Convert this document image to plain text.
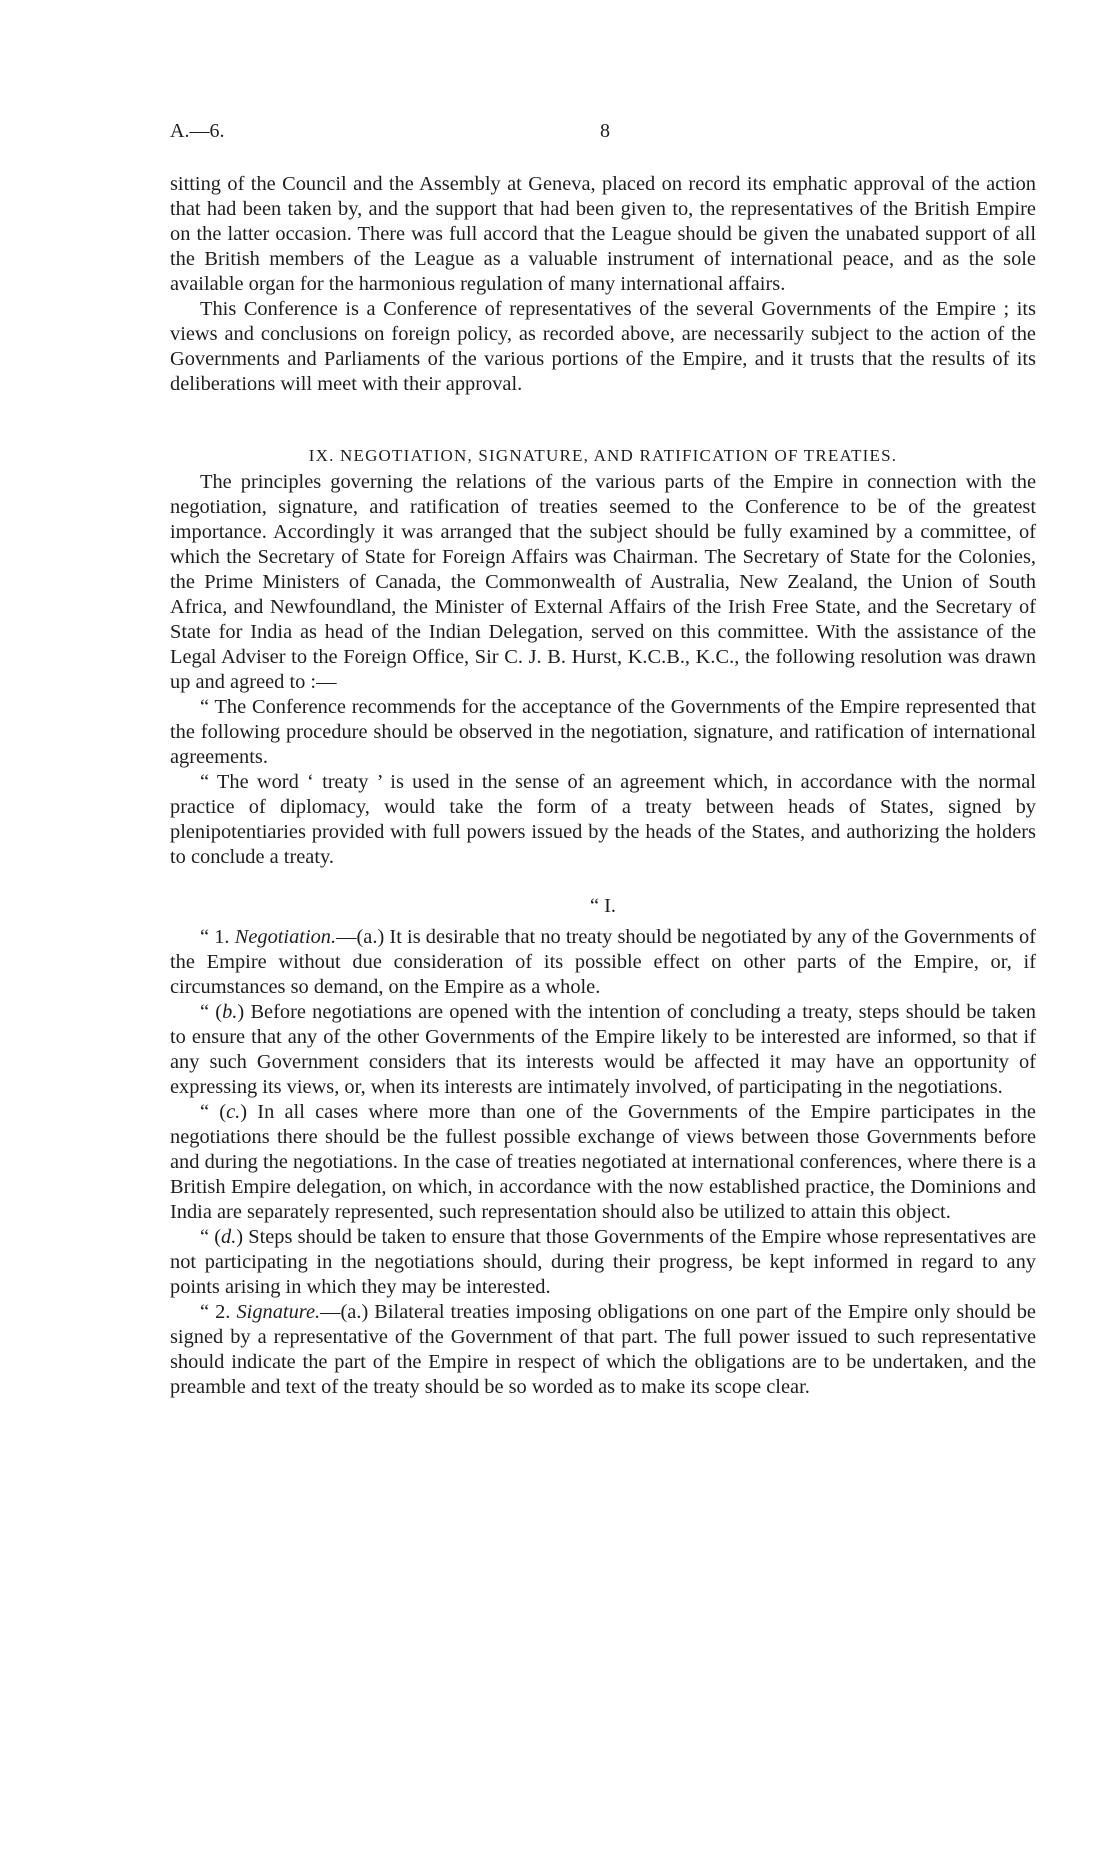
A.—6.	8

sitting of the Council and the Assembly at Geneva, placed on record its emphatic approval of the action that had been taken by, and the support that had been given to, the representatives of the British Empire on the latter occasion. There was full accord that the League should be given the unabated support of all the British members of the League as a valuable instrument of international peace, and as the sole available organ for the harmonious regulation of many international affairs.

This Conference is a Conference of representatives of the several Governments of the Empire ; its views and conclusions on foreign policy, as recorded above, are necessarily subject to the action of the Governments and Parliaments of the various portions of the Empire, and it trusts that the results of its deliberations will meet with their approval.

IX. NEGOTIATION, SIGNATURE, AND RATIFICATION OF TREATIES.

The principles governing the relations of the various parts of the Empire in connection with the negotiation, signature, and ratification of treaties seemed to the Conference to be of the greatest importance. Accordingly it was arranged that the subject should be fully examined by a committee, of which the Secretary of State for Foreign Affairs was Chairman. The Secretary of State for the Colonies, the Prime Ministers of Canada, the Commonwealth of Australia, New Zealand, the Union of South Africa, and Newfoundland, the Minister of External Affairs of the Irish Free State, and the Secretary of State for India as head of the Indian Delegation, served on this committee. With the assistance of the Legal Adviser to the Foreign Office, Sir C. J. B. Hurst, K.C.B., K.C., the following resolution was drawn up and agreed to :—

“ The Conference recommends for the acceptance of the Governments of the Empire represented that the following procedure should be observed in the negotiation, signature, and ratification of international agreements.

“ The word ‘ treaty ’ is used in the sense of an agreement which, in accordance with the normal practice of diplomacy, would take the form of a treaty between heads of States, signed by plenipotentiaries provided with full powers issued by the heads of the States, and authorizing the holders to conclude a treaty.

“ I.

“ 1. Negotiation.—(a.) It is desirable that no treaty should be negotiated by any of the Governments of the Empire without due consideration of its possible effect on other parts of the Empire, or, if circumstances so demand, on the Empire as a whole.

“ (b.) Before negotiations are opened with the intention of concluding a treaty, steps should be taken to ensure that any of the other Governments of the Empire likely to be interested are informed, so that if any such Government considers that its interests would be affected it may have an opportunity of expressing its views, or, when its interests are intimately involved, of participating in the negotiations.

“ (c.) In all cases where more than one of the Governments of the Empire participates in the negotiations there should be the fullest possible exchange of views between those Governments before and during the negotiations. In the case of treaties negotiated at international conferences, where there is a British Empire delegation, on which, in accordance with the now established practice, the Dominions and India are separately represented, such representation should also be utilized to attain this object.

“ (d.) Steps should be taken to ensure that those Governments of the Empire whose representatives are not participating in the negotiations should, during their progress, be kept informed in regard to any points arising in which they may be interested.

“ 2. Signature.—(a.) Bilateral treaties imposing obligations on one part of the Empire only should be signed by a representative of the Government of that part. The full power issued to such representative should indicate the part of the Empire in respect of which the obligations are to be undertaken, and the preamble and text of the treaty should be so worded as to make its scope clear.
